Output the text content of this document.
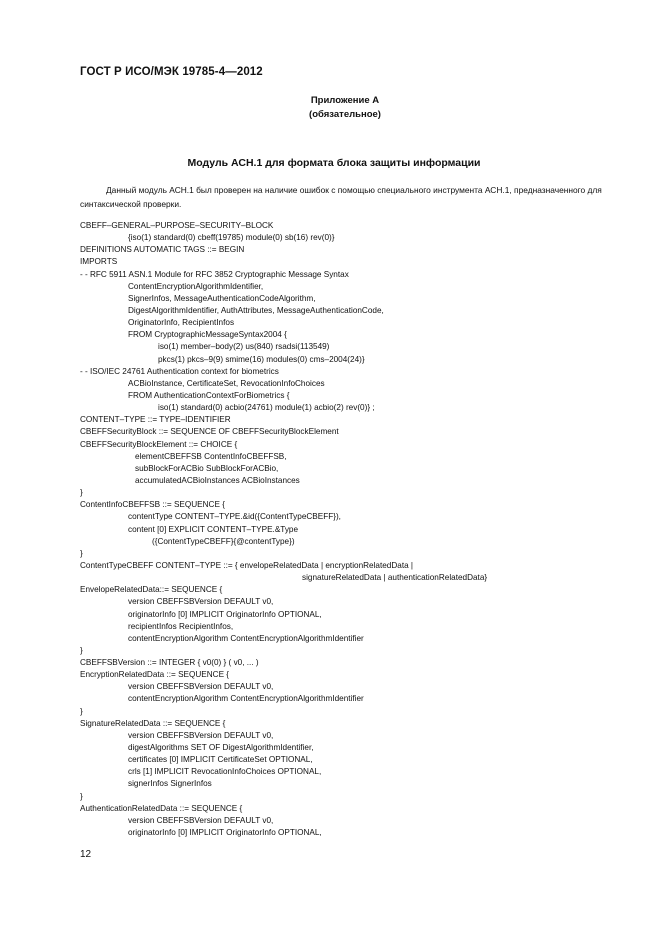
ГОСТ Р ИСО/МЭК 19785-4—2012
Приложение А
(обязательное)
Модуль АСН.1 для формата блока защиты информации
Данный модуль АСН.1 был проверен на наличие ошибок с помощью специального инструмента АСН.1, предназначенного для синтаксической проверки.
CBEFF–GENERAL–PURPOSE–SECURITY–BLOCK
{iso(1) standard(0) cbeff(19785) module(0) sb(16) rev(0)}
DEFINITIONS AUTOMATIC TAGS ::= BEGIN
IMPORTS
- - RFC 5911 ASN.1 Module for RFC 3852 Cryptographic Message Syntax
ContentEncryptionAlgorithmIdentifier,
SignerInfos, MessageAuthenticationCodeAlgorithm,
DigestAlgorithmIdentifier, AuthAttributes, MessageAuthenticationCode,
OriginatorInfo, RecipientInfos
FROM CryptographicMessageSyntax2004 {
iso(1) member–body(2) us(840) rsadsi(113549)
pkcs(1) pkcs–9(9) smime(16) modules(0) cms–2004(24)}
- - ISO/IEC 24761 Authentication context for biometrics
ACBioInstance, CertificateSet, RevocationInfoChoices
FROM AuthenticationContextForBiometrics {
iso(1) standard(0) acbio(24761) module(1) acbio(2) rev(0)} ;
CONTENT–TYPE ::= TYPE–IDENTIFIER
CBEFFSecurityBlock ::= SEQUENCE OF CBEFFSecurityBlockElement
CBEFFSecurityBlockElement ::= CHOICE {
elementCBEFFSB ContentInfoCBEFFSB,
subBlockForACBio SubBlockForACBio,
accumulatedACBioInstances ACBioInstances
}
ContentInfoCBEFFSB ::= SEQUENCE {
contentType CONTENT–TYPE.&id({ContentTypeCBEFF}),
content [0] EXPLICIT CONTENT–TYPE.&Type
({ContentTypeCBEFF}{@contentType})
}
ContentTypeCBEFF CONTENT–TYPE ::= { envelopeRelatedData | encryptionRelatedData |
signatureRelatedData | authenticationRelatedData}
EnvelopeRelatedData::= SEQUENCE {
version CBEFFSBVersion DEFAULT v0,
originatorInfo [0] IMPLICIT OriginatorInfo OPTIONAL,
recipientInfos RecipientInfos,
contentEncryptionAlgorithm ContentEncryptionAlgorithmIdentifier
}
CBEFFSBVersion ::= INTEGER { v0(0) } ( v0, ... )
EncryptionRelatedData ::= SEQUENCE {
version CBEFFSBVersion DEFAULT v0,
contentEncryptionAlgorithm ContentEncryptionAlgorithmIdentifier
}
SignatureRelatedData ::= SEQUENCE {
version CBEFFSBVersion DEFAULT v0,
digestAlgorithms SET OF DigestAlgorithmIdentifier,
certificates [0] IMPLICIT CertificateSet OPTIONAL,
crls [1] IMPLICIT RevocationInfoChoices OPTIONAL,
signerInfos SignerInfos
}
AuthenticationRelatedData ::= SEQUENCE {
version CBEFFSBVersion DEFAULT v0,
originatorInfo [0] IMPLICIT OriginatorInfo OPTIONAL,
12
